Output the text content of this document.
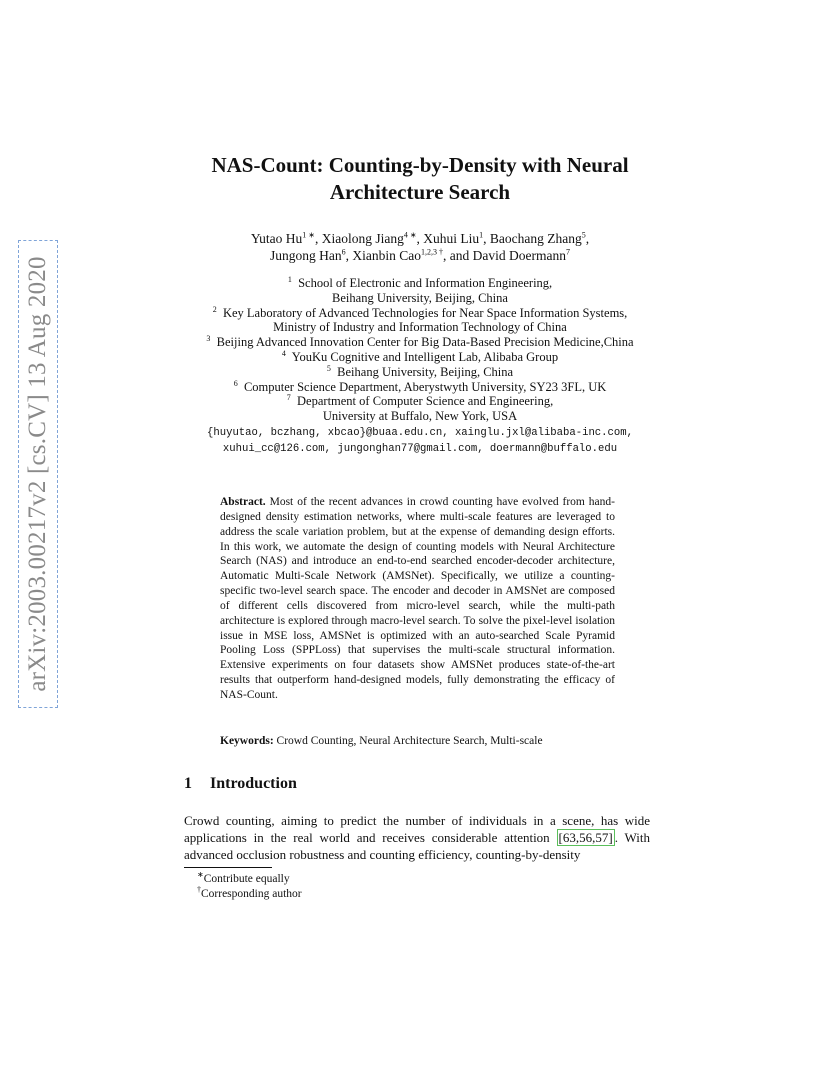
arXiv:2003.00217v2 [cs.CV] 13 Aug 2020
NAS-Count: Counting-by-Density with Neural
Architecture Search
Yutao $Hu^{1 ∗}$, Xiaolong Jiang$^{4 ∗}$, Xuhui Liu$^1$, Baochang Zhang$^5$,
Jungong Han$^6$, Xianbin Cao$^{1,2,3 \dagger}$, and David Doermann$^7$
$^1$ School of Electronic and Information Engineering,
Beihang University, Beijing, China
$^2$ Key Laboratory of Advanced Technologies for Near Space Information Systems,
Ministry of Industry and Information Technology of China
$^3$ Beijing Advanced Innovation Center for Big Data-Based Precision Medicine,China
$^4$ YouKu Cognitive and Intelligent Lab, Alibaba Group
$^5$ Beihang University, Beijing, China
$^6$ Computer Science Department, Aberystwyth University, SY23 3FL, UK
$^7$ Department of Computer Science and Engineering,
University at Buffalo, New York, USA
{huyutao, bczhang, xbcao}@buaa.edu.cn, xainglu.jxl@alibaba-inc.com,
xuhui_cc@126.com, jungonghan77@gmail.com, doermann@buffalo.edu
Abstract. Most of the recent advances in crowd counting have evolved from hand-designed density estimation networks, where multi-scale features are leveraged to address the scale variation problem, but at the expense of demanding design efforts. In this work, we automate the design of counting models with Neural Architecture Search (NAS) and introduce an end-to-end searched encoder-decoder architecture, Automatic Multi-Scale Network (AMSNet). Specifically, we utilize a counting-specific two-level search space. The encoder and decoder in AMSNet are composed of different cells discovered from micro-level search, while the multi-path architecture is explored through macro-level search. To solve the pixel-level isolation issue in MSE loss, AMSNet is optimized with an auto-searched Scale Pyramid Pooling Loss (SPPLoss) that supervises the multi-scale structural information. Extensive experiments on four datasets show AMSNet produces state-of-the-art results that outperform hand-designed models, fully demonstrating the efficacy of NAS-Count.
Keywords: Crowd Counting, Neural Architecture Search, Multi-scale
1 Introduction
Crowd counting, aiming to predict the number of individuals in a scene, has wide applications in the real world and receives considerable attention [63,56,57] . With advanced occlusion robustness and counting efficiency, counting-by-density
∗Contribute equally
†Corresponding author
